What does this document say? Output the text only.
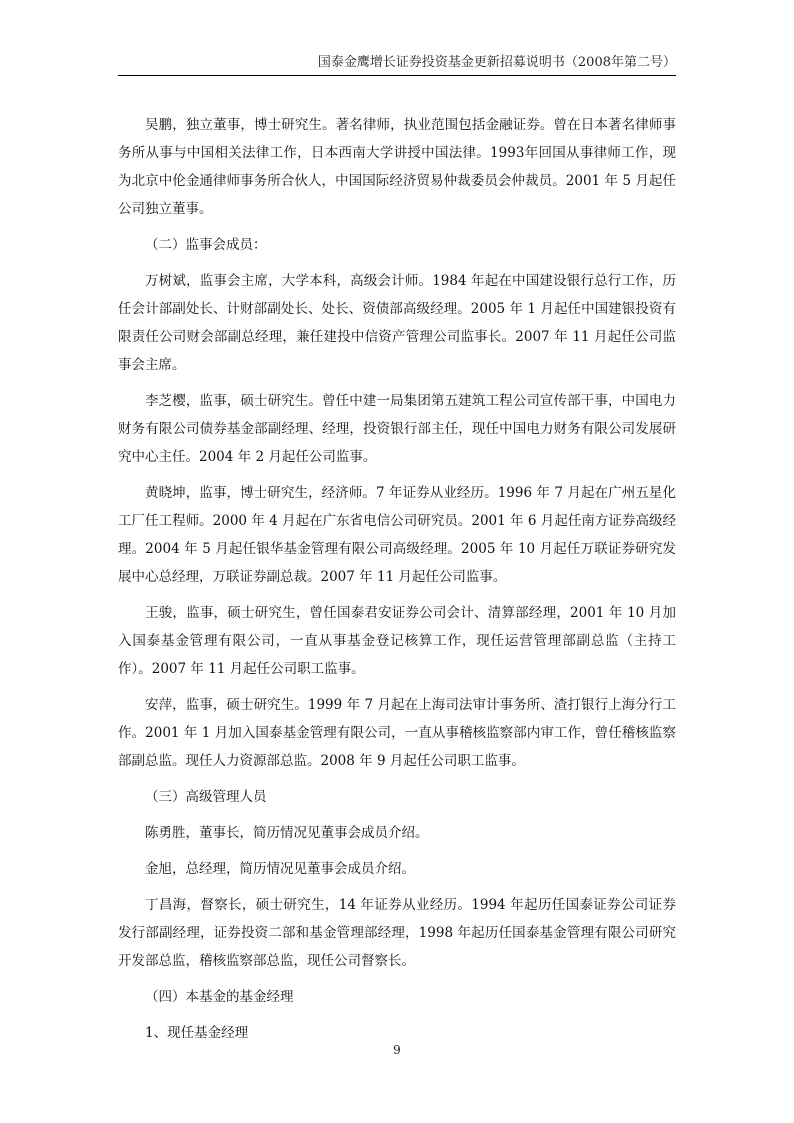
国泰金鹰增长证券投资基金更新招募说明书（2008年第二号）

吴鹏，独立董事，博士研究生。著名律师，执业范围包括金融证券。曾在日本著名律师事务所从事与中国相关法律工作，日本西南大学讲授中国法律。1993年回国从事律师工作，现为北京中伦金通律师事务所合伙人，中国国际经济贸易仲裁委员会仲裁员。2001 年 5 月起任公司独立董事。

（二）监事会成员：

万树斌，监事会主席，大学本科，高级会计师。1984 年起在中国建设银行总行工作，历任会计部副处长、计财部副处长、处长、资债部高级经理。2005 年 1 月起任中国建银投资有限责任公司财会部副总经理，兼任建投中信资产管理公司监事长。2007 年 11 月起任公司监事会主席。

李芝樱，监事，硕士研究生。曾任中建一局集团第五建筑工程公司宣传部干事，中国电力财务有限公司债券基金部副经理、经理，投资银行部主任，现任中国电力财务有限公司发展研究中心主任。2004 年 2 月起任公司监事。

黄晓坤，监事，博士研究生，经济师。7 年证券从业经历。1996 年 7 月起在广州五星化工厂任工程师。2000 年 4 月起在广东省电信公司研究员。2001 年 6 月起任南方证券高级经理。2004 年 5 月起任银华基金管理有限公司高级经理。2005 年 10 月起任万联证券研究发展中心总经理，万联证券副总裁。2007 年 11 月起任公司监事。

王骏，监事，硕士研究生，曾任国泰君安证券公司会计、清算部经理，2001 年 10 月加入国泰基金管理有限公司，一直从事基金登记核算工作，现任运营管理部副总监（主持工作）。2007 年 11 月起任公司职工监事。

安萍，监事，硕士研究生。1999 年 7 月起在上海司法审计事务所、渣打银行上海分行工作。2001 年 1 月加入国泰基金管理有限公司，一直从事稽核监察部内审工作，曾任稽核监察部副总监。现任人力资源部总监。2008 年 9 月起任公司职工监事。

（三）高级管理人员

陈勇胜，董事长，简历情况见董事会成员介绍。

金旭，总经理，简历情况见董事会成员介绍。

丁昌海，督察长，硕士研究生，14 年证券从业经历。1994 年起历任国泰证券公司证券发行部副经理，证券投资二部和基金管理部经理，1998 年起历任国泰基金管理有限公司研究开发部总监，稽核监察部总监，现任公司督察长。

（四）本基金的基金经理

1、现任基金经理

9
